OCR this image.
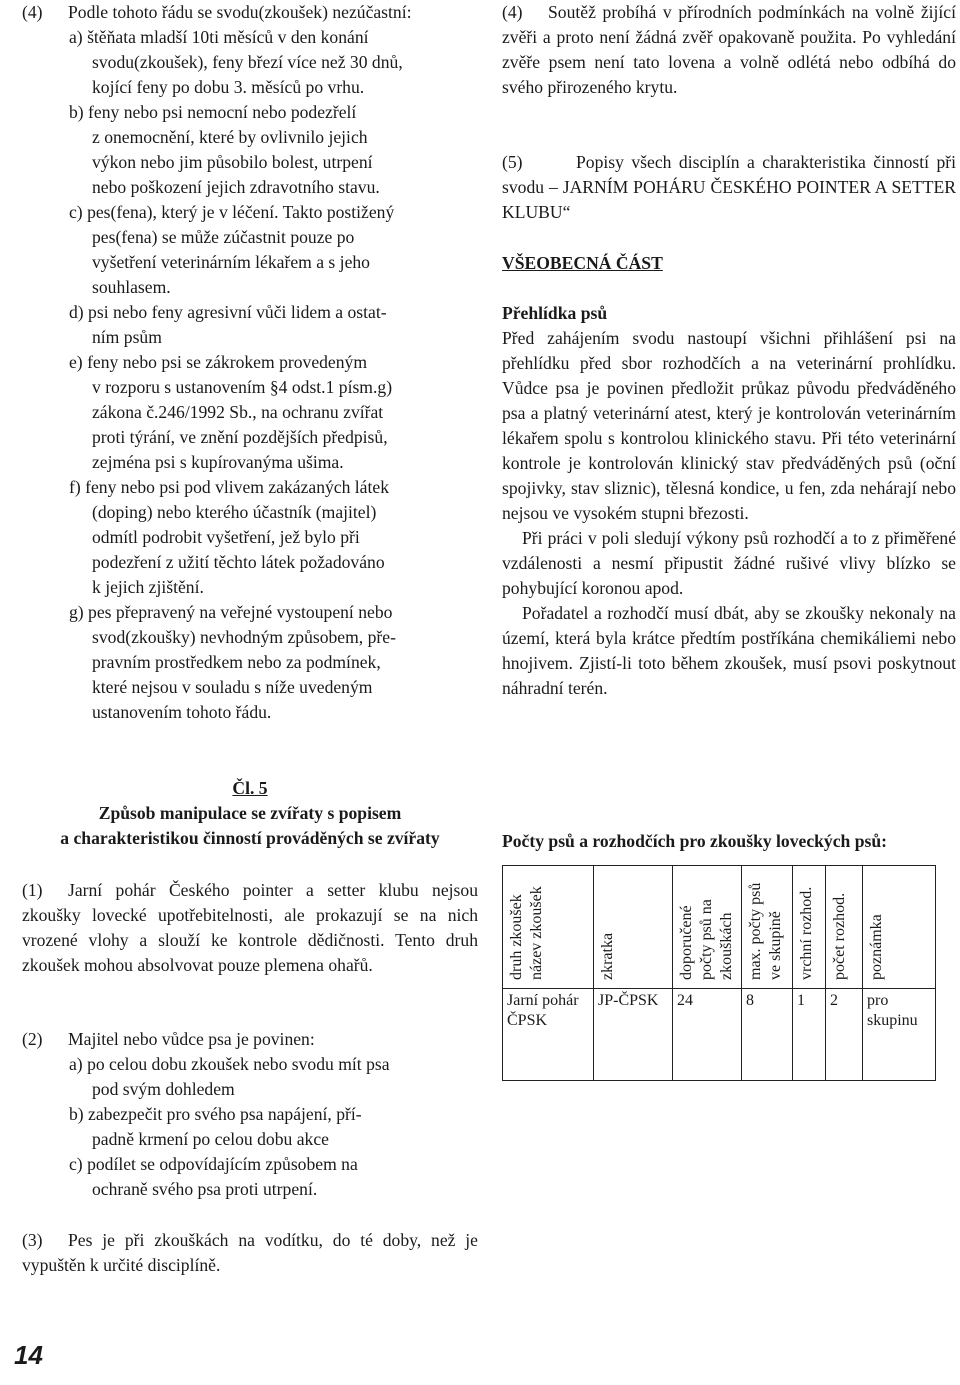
(4) Podle tohoto řádu se svodu(zkoušek) nezúčastní:

a) štěňata mladší 10ti měsíců v den konání

svodu(zkoušek), feny březí více než 30 dnů,

kojící feny po dobu 3. měsíců po vrhu.

b) feny nebo psi nemocní nebo podezřelí

z onemocnění, které by ovlivnilo jejich

výkon nebo jim působilo bolest, utrpení

nebo poškození jejich zdravotního stavu.

c) pes(fena), který je v léčení. Takto postižený

pes(fena) se může zúčastnit pouze po

vyšetření veterinárním lékařem a s jeho

souhlasem.

d) psi nebo feny agresivní vůči lidem a ostat-

ním psům

e) feny nebo psi se zákrokem provedeným

v rozporu s ustanovením §4 odst.1 písm.g)

zákona č.246/1992 Sb., na ochranu zvířat

proti týrání, ve znění pozdějších předpisů,

zejména psi s kupírovanýma ušima.

f) feny nebo psi pod vlivem zakázaných látek

(doping) nebo kterého účastník (majitel)

odmítl podrobit vyšetření, jež bylo při

podezření z užití těchto látek požadováno

k jejich zjištění.

g) pes přepravený na veřejné vystoupení nebo

svod(zkoušky) nevhodným způsobem, pře-

pravním prostředkem nebo za podmínek,

které nejsou v souladu s níže uvedeným

ustanovením tohoto řádu.

Čl. 5

Způsob manipulace se zvířaty s popisem

a charakteristikou činností prováděných se zvířaty

(1) Jarní pohár Českého pointer a setter klubu nejsou zkoušky lovecké upotřebitelnosti, ale prokazují se na nich vrozené vlohy a slouží ke kontrole dědičnosti. Tento druh zkoušek mohou absolvovat pouze plemena ohařů.

(2) Majitel nebo vůdce psa je povinen:

a) po celou dobu zkoušek nebo svodu mít psa

pod svým dohledem

b) zabezpečit pro svého psa napájení, pří-

padně krmení po celou dobu akce

c) podílet se odpovídajícím způsobem na

ochraně svého psa proti utrpení.

(3) Pes je při zkouškách na vodítku, do té doby, než je vypuštěn k určité disciplíně.

(4) Soutěž probíhá v přírodních podmínkách na volně žijící zvěři a proto není žádná zvěř opakovaně použita. Po vyhledání zvěře psem není tato lovena a volně odlétá nebo odbíhá do svého přirozeného krytu.

(5)	Popisy všech disciplín a charakteristika činností při svodu – JARNÍM POHÁRU ČESKÉHO POINTER A SETTER KLUBU“

VŠEOBECNÁ ČÁST

Přehlídka psů

Před zahájením svodu nastoupí všichni přihlášení psi na přehlídku před sbor rozhodčích a na veterinární prohlídku. Vůdce psa je povinen předložit průkaz původu předváděného psa a platný veterinární atest, který je kontrolován veterinárním lékařem spolu s kontrolou klinického stavu. Při této veterinární kontrole je kontrolován klinický stav předváděných psů (oční spojivky, stav sliznic), tělesná kondice, u fen, zda nehárají nebo nejsou ve vysokém stupni březosti.

Při práci v poli sledují výkony psů rozhodčí a to z přiměřené vzdálenosti a nesmí připustit žádné rušivé vlivy blízko se pohybující koronou apod.

Pořadatel a rozhodčí musí dbát, aby se zkoušky nekonaly na území, která byla krátce předtím postříkána chemikáliemi nebo hnojivem. Zjistí-li toto během zkoušek, musí psovi poskytnout náhradní terén.

Počty psů a rozhodčích pro zkoušky loveckých psů:

druh zkoušek
název zkoušek	zkratka	doporučené
počty psů na
zkouškách	max. počty psů
ve skupině	vrchní rozhod.	počet rozhod.	poznámka

Jarní pohár ČPSK	JP-ČPSK	24	8	1	2	pro skupinu
14
